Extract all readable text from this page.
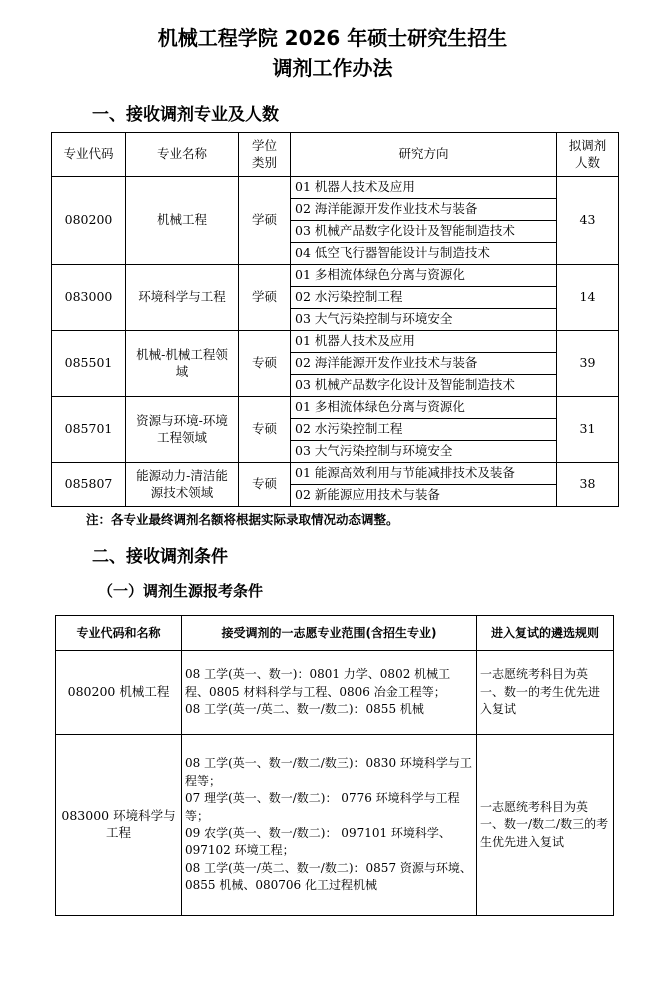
机械工程学院 2026 年硕士研究生招生
调剂工作办法
一、接收调剂专业及人数
专业代码	专业名称	学位类别	研究方向	拟调剂人数
080200	机械工程	学硕	01 机器人技术及应用	43
			02 海洋能源开发作业技术与装备	
			03 机械产品数字化设计及智能制造技术	
			04 低空飞行器智能设计与制造技术	
083000	环境科学与工程	学硕	01 多相流体绿色分离与资源化	14
			02 水污染控制工程	
			03 大气污染控制与环境安全	
085501	机械-机械工程领域	专硕	01 机器人技术及应用	39
			02 海洋能源开发作业技术与装备	
			03 机械产品数字化设计及智能制造技术	
085701	资源与环境-环境工程领域	专硕	01 多相流体绿色分离与资源化	31
			02 水污染控制工程	
			03 大气污染控制与环境安全	
085807	能源动力-清洁能源技术领域	专硕	01 能源高效利用与节能减排技术及装备	38
			02 新能源应用技术与装备	
注：各专业最终调剂名额将根据实际录取情况动态调整。
二、接收调剂条件
（一）调剂生源报考条件
专业代码和名称	接受调剂的一志愿专业范围(含招生专业)	进入复试的遴选规则
080200 机械工程	08 工学(英一、数一)：0801 力学、0802 机械工程、0805 材料科学与工程、0806 冶金工程等；
08 工学(英一/英二、数一/数二)：0855 机械	一志愿统考科目为英一、数一的考生优先进入复试
083000 环境科学与工程	08 工学(英一、数一/数二/数三)：0830 环境科学与工程等；
07 理学(英一、数一/数二)： 0776 环境科学与工程等；
09 农学(英一、数一/数二)： 097101 环境科学、097102 环境工程；
08 工学(英一/英二、数一/数二)：0857 资源与环境、0855 机械、080706 化工过程机械	一志愿统考科目为英一、数一/数二/数三的考生优先进入复试
